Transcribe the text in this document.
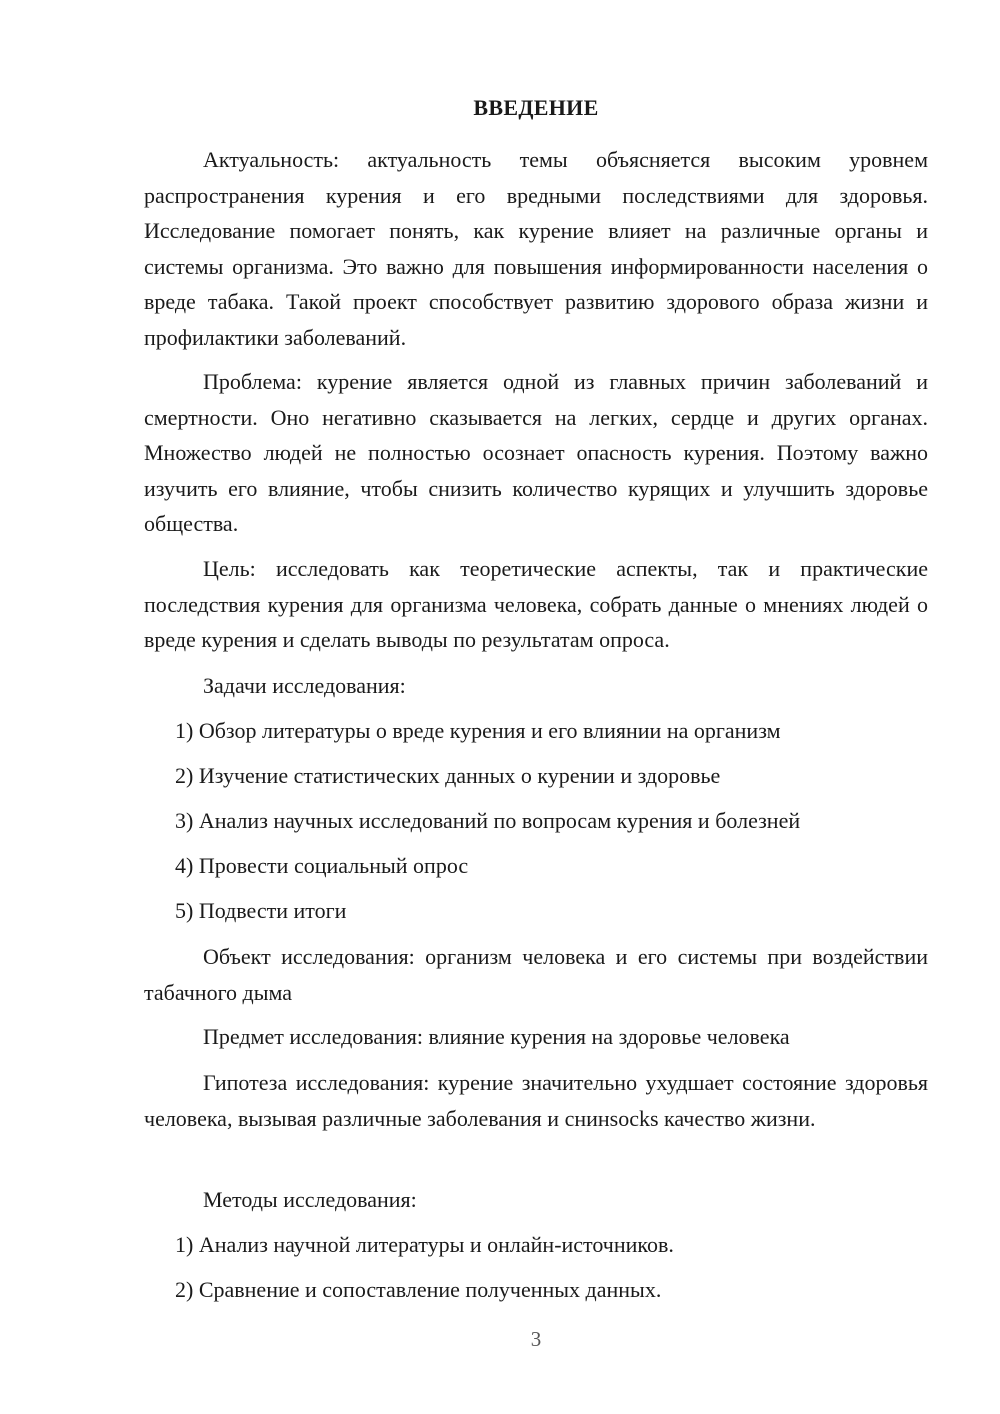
ВВЕДЕНИЕ

Актуальность: актуальность темы объясняется высоким уровнем распространения курения и его вредными последствиями для здоровья. Исследование помогает понять, как курение влияет на различные органы и системы организма. Это важно для повышения информированности населения о вреде табака. Такой проект способствует развитию здорового образа жизни и профилактики заболеваний.

Проблема: курение является одной из главных причин заболеваний и смертности. Оно негативно сказывается на легких, сердце и других органах. Множество людей не полностью осознает опасность курения. Поэтому важно изучить его влияние, чтобы снизить количество курящих и улучшить здоровье общества.

Цель: исследовать как теоретические аспекты, так и практические последствия курения для организма человека, собрать данные о мнениях людей о вреде курения и сделать выводы по результатам опроса.

Задачи исследования:

1) Обзор литературы о вреде курения и его влиянии на организм

2) Изучение статистических данных о курении и здоровье

3) Анализ научных исследований по вопросам курения и болезней

4) Провести социальный опрос

5) Подвести итоги

Объект исследования: организм человека и его системы при воздействии табачного дыма

Предмет исследования: влияние курения на здоровье человека

Гипотеза исследования: курение значительно ухудшает состояние здоровья человека, вызывая различные заболевания и снинsocks качество жизни.

Методы исследования:

1) Анализ научной литературы и онлайн-источников.

2) Сравнение и сопоставление полученных данных.

3
